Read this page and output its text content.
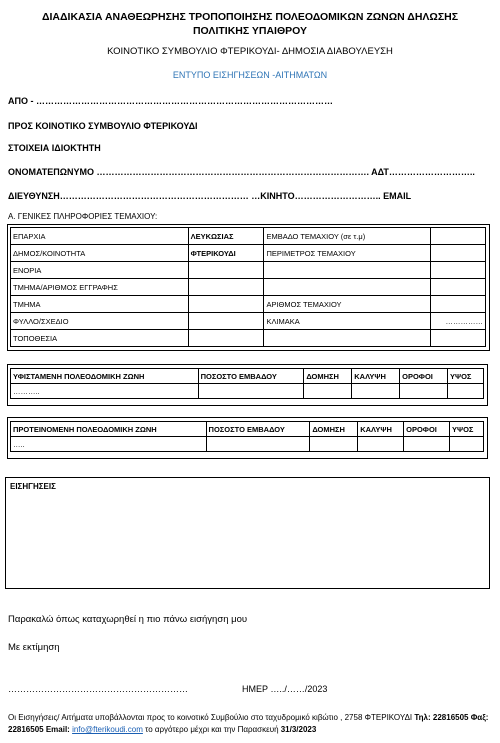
ΔΙΑΔΙΚΑΣΙΑ ΑΝΑΘΕΩΡΗΣΗΣ ΤΡΟΠΟΠΟΙΗΣΗΣ ΠΟΛΕΟΔΟΜΙΚΩΝ ΖΩΝΩΝ ΔΗΛΩΣΗΣ
ΠΟΛΙΤΙΚΗΣ ΥΠΑΙΘΡΟΥ
ΚΟΙΝΟΤΙΚΟ ΣΥΜΒΟΥΛΙΟ ΦΤΕΡΙΚΟΥΔΙ- ΔΗΜΟΣΙΑ ΔΙΑΒΟΥΛΕΥΣΗ
ΕΝΤΥΠΟ ΕΙΣΗΓΗΣΕΩΝ -ΑΙΤΗΜΑΤΩΝ
ΑΠΟ - ………………………………………………………………………………………
ΠΡΟΣ ΚΟΙΝΟΤΙΚΟ ΣΥΜΒΟΥΛΙΟ ΦΤΕΡΙΚΟΥΔΙ
ΣΤΟΙΧΕΙΑ ΙΔΙΟΚΤΗΤΗ
ΟΝΟΜΑΤΕΠΩΝΥΜΟ ………………………………………………………………………………. ΑΔΤ………………………..
ΔΙΕΥΘΥΝΣΗ……………………………………………………… …ΚΙΝΗΤΟ……………………….. EMAIL
Α. ΓΕΝΙΚΕΣ ΠΛΗΡΟΦΟΡΙΕΣ ΤΕΜΑΧΙΟΥ:
ΕΠΑΡΧΙΑ	ΛΕΥΚΩΣΙΑΣ	ΕΜΒΑΔΟ ΤΕΜΑΧΙΟΥ (σε τ.μ)	
ΔΗΜΟΣ/ΚΟΙΝΟΤΗΤΑ	ΦΤΕΡΙΚΟΥΔΙ	ΠΕΡΙΜΕΤΡΟΣ ΤΕΜΑΧΙΟΥ	
ΕΝΟΡΙΑ			
ΤΜΗΜΑ/ΑΡΙΘΜΟΣ ΕΓΓΡΑΦΗΣ			
ΤΜΗΜΑ		ΑΡΙΘΜΟΣ ΤΕΜΑΧΙΟΥ	
ΦΥΛΛΟ/ΣΧΕΔΙΟ		ΚΛΙΜΑΚΑ	……………
ΤΟΠΟΘΕΣΙΑ			
ΥΦΙΣΤΑΜΕΝΗ ΠΟΛΕΟΔΟΜΙΚΗ ΖΩΝΗ	ΠΟΣΟΣΤΟ ΕΜΒΑΔΟΥ	ΔΟΜΗΣΗ	ΚΑΛΥΨΗ	ΟΡΟΦΟΙ	ΥΨΟΣ
………..					
ΠΡΟΤΕΙΝΟΜΕΝΗ ΠΟΛΕΟΔΟΜΙΚΗ ΖΩΝΗ	ΠΟΣΟΣΤΟ ΕΜΒΑΔΟΥ	ΔΟΜΗΣΗ	ΚΑΛΥΨΗ	ΟΡΟΦΟΙ	ΥΨΟΣ
…..					
ΕΙΣΗΓΗΣΕΙΣ
Παρακαλώ όπως καταχωρηθεί η πιο πάνω εισήγηση μου
Με εκτίμηση
……………………………………………………	ΗΜΕΡ …../……/2023
Οι Εισηγήσεις/ Αιτήματα υποβάλλονται προς το κοινοτικό Συμβούλιο στο ταχυδρομικό κιβώτιο , 2758 ΦΤΕΡΙΚΟΥΔΙ Τηλ: 22816505 Φαξ: 22816505 Email: info@fterikoudi.com το αργότερο μέχρι και την Παρασκευή 31/3/2023
